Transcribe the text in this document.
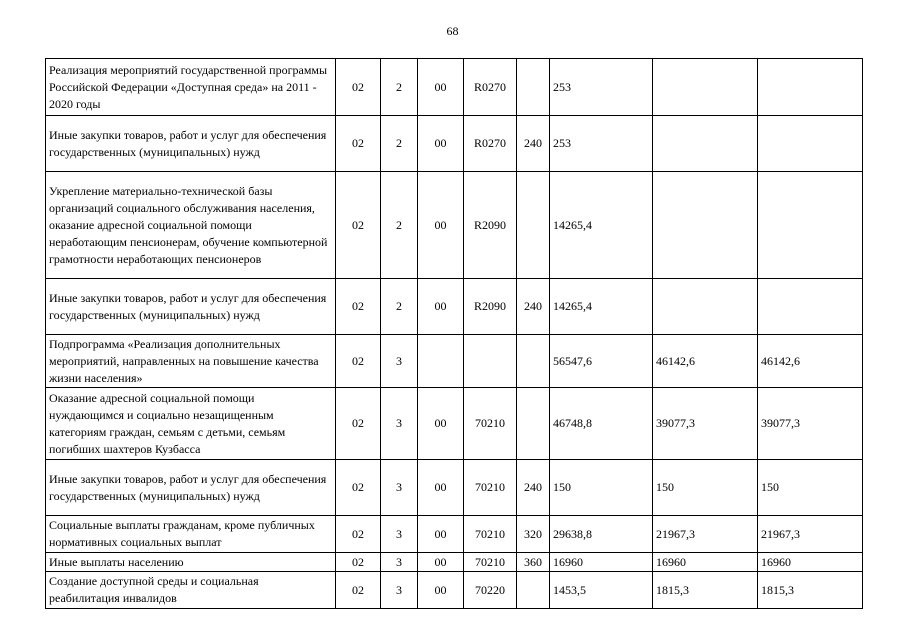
68
Реализация мероприятий государственной программы Российской Федерации «Доступная среда» на 2011 - 2020 годы	02	2	00	R0270		253		
Иные закупки товаров, работ и услуг для обеспечения государственных (муниципальных) нужд	02	2	00	R0270	240	253		
Укрепление материально-технической базы организаций социального обслуживания населения, оказание адресной социальной помощи неработающим пенсионерам, обучение компьютерной грамотности неработающих пенсионеров	02	2	00	R2090		14265,4		
Иные закупки товаров, работ и услуг для обеспечения государственных (муниципальных) нужд	02	2	00	R2090	240	14265,4		
Подпрограмма «Реализация дополнительных мероприятий, направленных на повышение качества жизни населения»	02	3				56547,6	46142,6	46142,6
Оказание адресной социальной помощи нуждающимся и социально незащищенным категориям граждан, семьям с детьми, семьям погибших шахтеров Кузбасса	02	3	00	70210		46748,8	39077,3	39077,3
Иные закупки товаров, работ и услуг для обеспечения государственных (муниципальных) нужд	02	3	00	70210	240	150	150	150
Социальные выплаты гражданам, кроме публичных нормативных социальных выплат	02	3	00	70210	320	29638,8	21967,3	21967,3
Иные выплаты населению	02	3	00	70210	360	16960	16960	16960
Создание доступной среды и социальная реабилитация инвалидов	02	3	00	70220		1453,5	1815,3	1815,3
